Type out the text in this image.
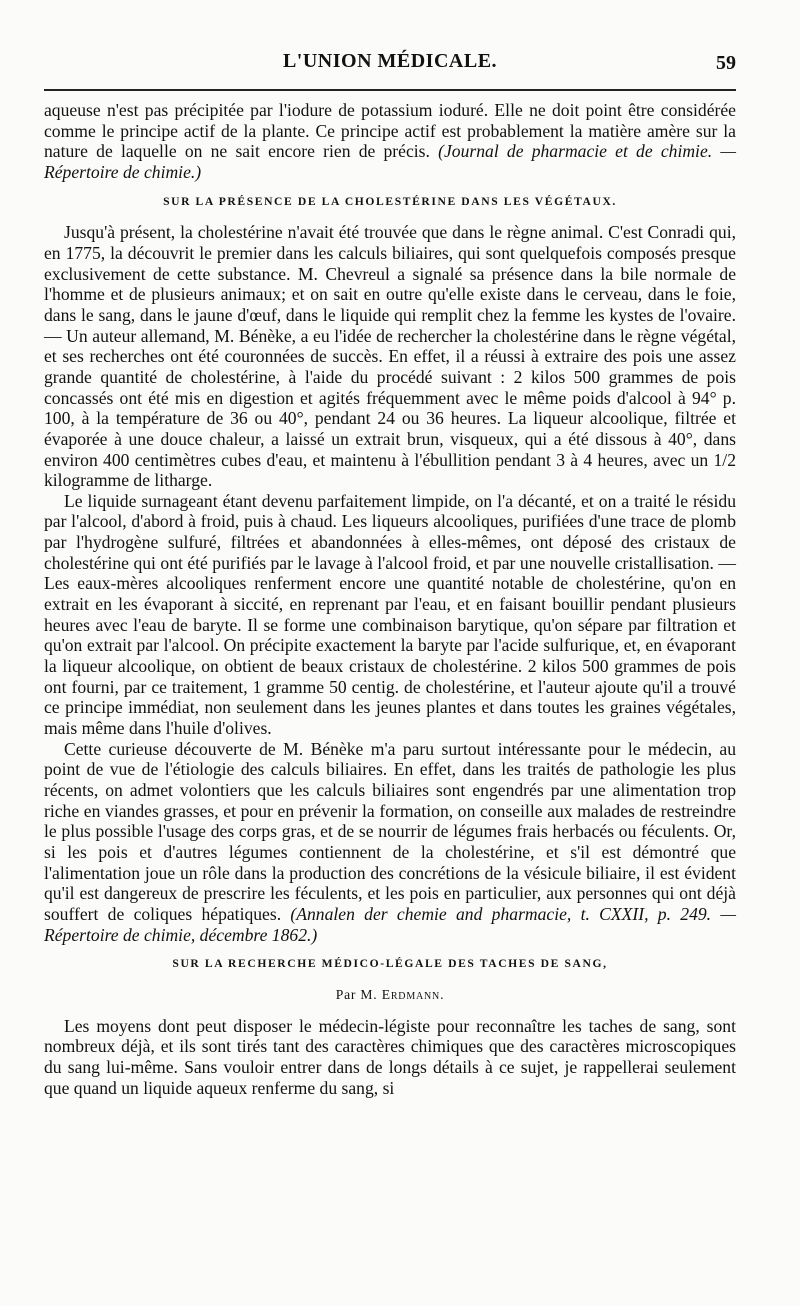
L'UNION MÉDICALE.	59

aqueuse n'est pas précipitée par l'iodure de potassium ioduré. Elle ne doit point être considérée comme le principe actif de la plante. Ce principe actif est probablement la matière amère sur la nature de laquelle on ne sait encore rien de précis. (Journal de pharmacie et de chimie. — Répertoire de chimie.)

SUR LA PRÉSENCE DE LA CHOLESTÉRINE DANS LES VÉGÉTAUX.

Jusqu'à présent, la cholestérine n'avait été trouvée que dans le règne animal. C'est Conradi qui, en 1775, la découvrit le premier dans les calculs biliaires, qui sont quelquefois composés presque exclusivement de cette substance. M. Chevreul a signalé sa présence dans la bile normale de l'homme et de plusieurs animaux; et on sait en outre qu'elle existe dans le cerveau, dans le foie, dans le sang, dans le jaune d'œuf, dans le liquide qui remplit chez la femme les kystes de l'ovaire. — Un auteur allemand, M. Bénèke, a eu l'idée de rechercher la cholestérine dans le règne végétal, et ses recherches ont été couronnées de succès. En effet, il a réussi à extraire des pois une assez grande quantité de cholestérine, à l'aide du procédé suivant : 2 kilos 500 grammes de pois concassés ont été mis en digestion et agités fréquemment avec le même poids d'alcool à 94° p. 100, à la température de 36 ou 40°, pendant 24 ou 36 heures. La liqueur alcoolique, filtrée et évaporée à une douce chaleur, a laissé un extrait brun, visqueux, qui a été dissous à 40°, dans environ 400 centimètres cubes d'eau, et maintenu à l'ébullition pendant 3 à 4 heures, avec un 1/2 kilogramme de litharge.

Le liquide surnageant étant devenu parfaitement limpide, on l'a décanté, et on a traité le résidu par l'alcool, d'abord à froid, puis à chaud. Les liqueurs alcooliques, purifiées d'une trace de plomb par l'hydrogène sulfuré, filtrées et abandonnées à elles-mêmes, ont déposé des cristaux de cholestérine qui ont été purifiés par le lavage à l'alcool froid, et par une nouvelle cristallisation. — Les eaux-mères alcooliques renferment encore une quantité notable de cholestérine, qu'on en extrait en les évaporant à siccité, en reprenant par l'eau, et en faisant bouillir pendant plusieurs heures avec l'eau de baryte. Il se forme une combinaison barytique, qu'on sépare par filtration et qu'on extrait par l'alcool. On précipite exactement la baryte par l'acide sulfurique, et, en évaporant la liqueur alcoolique, on obtient de beaux cristaux de cholestérine. 2 kilos 500 grammes de pois ont fourni, par ce traitement, 1 gramme 50 centig. de cholestérine, et l'auteur ajoute qu'il a trouvé ce principe immédiat, non seulement dans les jeunes plantes et dans toutes les graines végétales, mais même dans l'huile d'olives.

Cette curieuse découverte de M. Bénèke m'a paru surtout intéressante pour le médecin, au point de vue de l'étiologie des calculs biliaires. En effet, dans les traités de pathologie les plus récents, on admet volontiers que les calculs biliaires sont engendrés par une alimentation trop riche en viandes grasses, et pour en prévenir la formation, on conseille aux malades de restreindre le plus possible l'usage des corps gras, et de se nourrir de légumes frais herbacés ou féculents. Or, si les pois et d'autres légumes contiennent de la cholestérine, et s'il est démontré que l'alimentation joue un rôle dans la production des concrétions de la vésicule biliaire, il est évident qu'il est dangereux de prescrire les féculents, et les pois en particulier, aux personnes qui ont déjà souffert de coliques hépatiques. (Annalen der chemie and pharmacie, t. CXXII, p. 249. — Répertoire de chimie, décembre 1862.)

SUR LA RECHERCHE MÉDICO-LÉGALE DES TACHES DE SANG,
Par M. Erdmann.

Les moyens dont peut disposer le médecin-légiste pour reconnaître les taches de sang, sont nombreux déjà, et ils sont tirés tant des caractères chimiques que des caractères microscopiques du sang lui-même. Sans vouloir entrer dans de longs détails à ce sujet, je rappellerai seulement que quand un liquide aqueux renferme du sang, si
